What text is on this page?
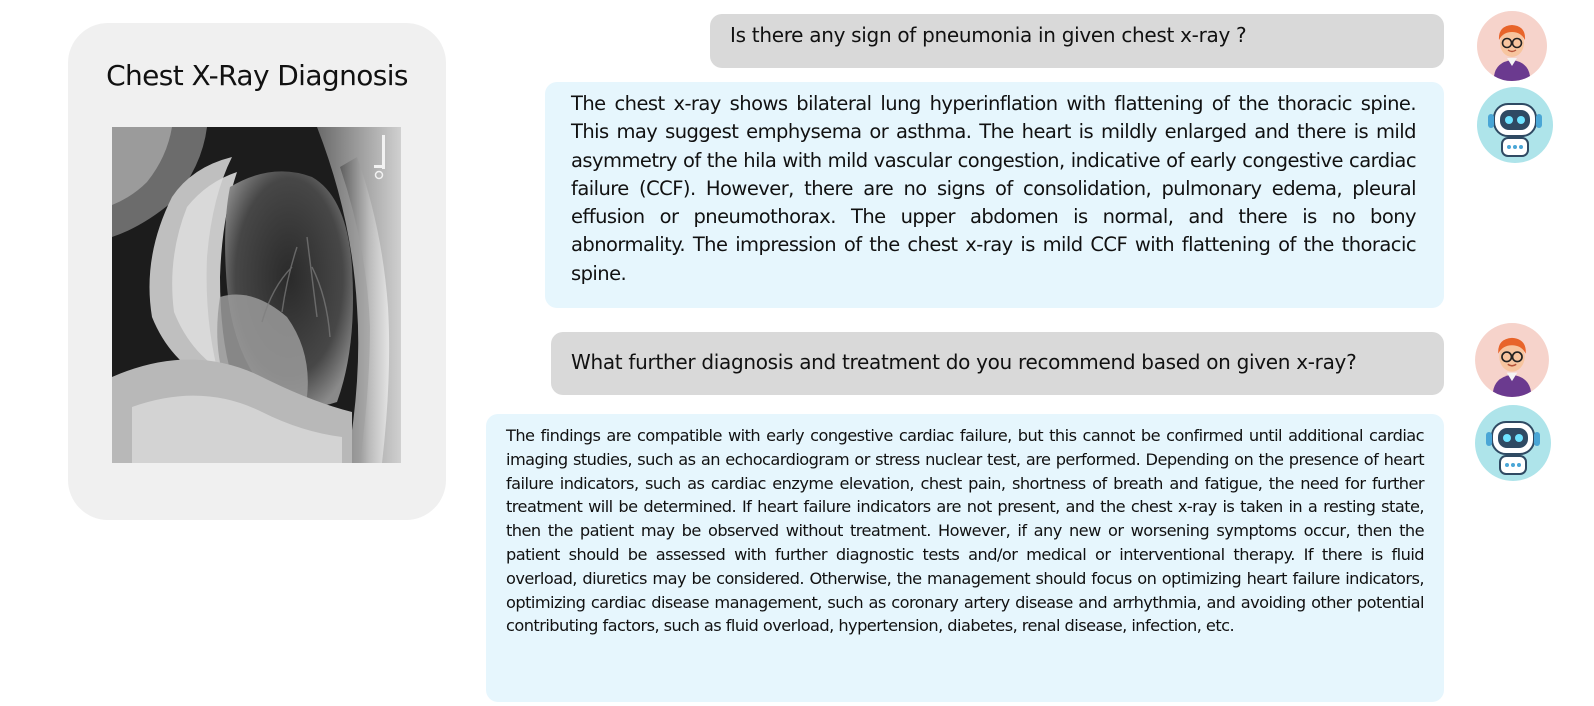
Chest X-Ray Diagnosis
Is there any sign of pneumonia in given chest x-ray ?
The chest x-ray shows bilateral lung hyperinflation with flattening of the thoracic spine. This may suggest emphysema or asthma. The heart is mildly enlarged and there is mild asymmetry of the hila with mild vascular congestion, indicative of early congestive cardiac failure (CCF). However, there are no signs of consolidation, pulmonary edema, pleural effusion or pneumothorax. The upper abdomen is normal, and there is no bony abnormality. The impression of the chest x-ray is mild CCF with flattening of the thoracic spine.
What further diagnosis and treatment do you recommend based on given x-ray?
The findings are compatible with early congestive cardiac failure, but this cannot be confirmed until additional cardiac imaging studies, such as an echocardiogram or stress nuclear test, are performed. Depending on the presence of heart failure indicators, such as cardiac enzyme elevation, chest pain, shortness of breath and fatigue, the need for further treatment will be determined. If heart failure indicators are not present, and the chest x-ray is taken in a resting state, then the patient may be observed without treatment. However, if any new or worsening symptoms occur, then the patient should be assessed with further diagnostic tests and/or medical or interventional therapy. If there is fluid overload, diuretics may be considered. Otherwise, the management should focus on optimizing heart failure indicators, optimizing cardiac disease management, such as coronary artery disease and arrhythmia, and avoiding other potential contributing factors, such as fluid overload, hypertension, diabetes, renal disease, infection, etc.
